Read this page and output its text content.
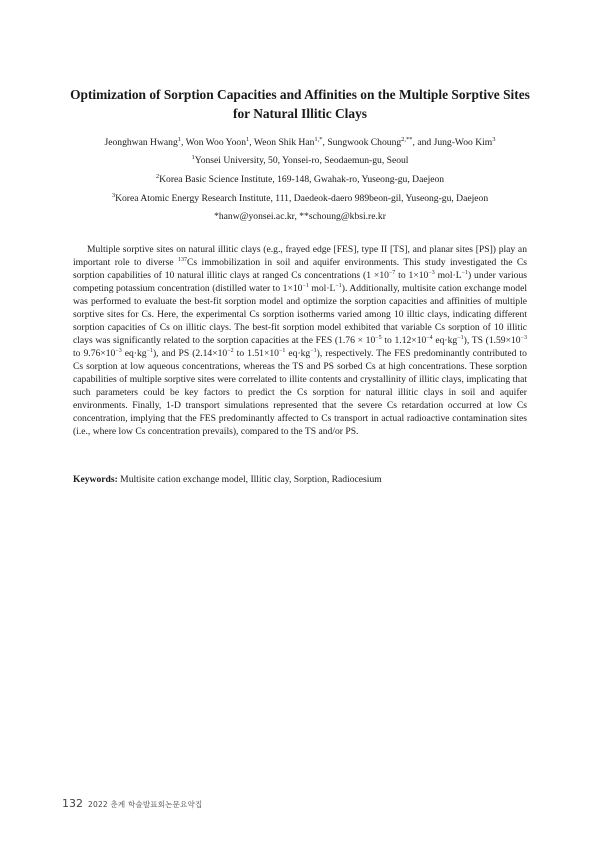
Optimization of Sorption Capacities and Affinities on the Multiple Sorptive Sites
for Natural Illitic Clays
Jeonghwan Hwang$^1$, Won Woo Yoon$^1$, Weon Shik Han$^{1,*}$, Sungwook Choung$^{2,**}$, and Jung-Woo Kim$^3$
$^1$Yonsei University, 50, Yonsei-ro, Seodaemun-gu, Seoul
$^2$Korea Basic Science Institute, 169-148, Gwahak-ro, Yuseong-gu, Daejeon
$^3$Korea Atomic Energy Research Institute, 111, Daedeok-daero 989beon-gil, Yuseong-gu, Daejeon
*hanw@yonsei.ac.kr, **schoung@kbsi.re.kr

Multiple sorptive sites on natural illitic clays (e.g., frayed edge [FES], type II [TS], and planar sites [PS]) play an important role to diverse $^{137}$Cs immobilization in soil and aquifer environments. This study investigated the Cs sorption capabilities of 10 natural illitic clays at ranged Cs concentrations ($1 \times 10^{-7}$ to $1\times 10^{-3}$ $mol\cdot L^{-1}$) under various competing potassium concentration (distilled water to $1\times 10^{-1}$ $mol\cdot L^{-1}$). Additionally, multisite cation exchange model was performed to evaluate the best-fit sorption model and optimize the sorption capacities and affinities of multiple sorptive sites for Cs. Here, the experimental Cs sorption isotherms varied among 10 illtic clays, indicating different sorption capacities of Cs on illitic clays. The best-fit sorption model exhibited that variable Cs sorption of 10 illitic clays was significantly related to the sorption capacities at the FES ($1.76 \times 10^{-5}$ to $1.12\times 10^{-4}$ $eq\cdot kg^{-1}$), TS ($1.59\times 10^{-3}$ to $9.76\times 10^{-3}$ $eq\cdot kg^{-1}$), and PS ($2.14\times 10^{-2}$ to $1.51\times 10^{-1}$ $eq\cdot kg^{-1}$), respectively. The FES predominantly contributed to Cs sorption at low aqueous concentrations, whereas the TS and PS sorbed Cs at high concentrations. These sorption capabilities of multiple sorptive sites were correlated to illite contents and crystallinity of illitic clays, implicating that such parameters could be key factors to predict the Cs sorption for natural illitic clays in soil and aquifer environments. Finally, 1-D transport simulations represented that the severe Cs retardation occurred at low Cs concentration, implying that the FES predominantly affected to Cs transport in actual radioactive contamination sites (i.e., where low Cs concentration prevails), compared to the TS and/or PS.

Keywords: Multisite cation exchange model, Illitic clay, Sorption, Radiocesium
132 2022 춘계 학술발표회논문요약집
